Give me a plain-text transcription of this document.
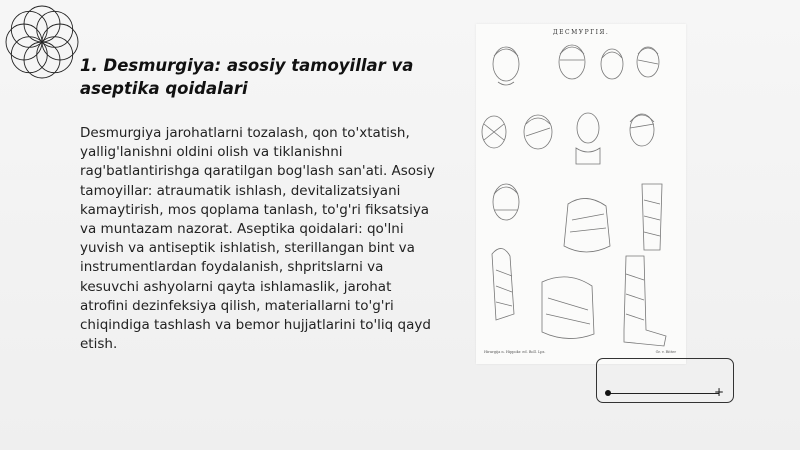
1. Desmurgiya: asosiy tamoyillar va aseptika qoidalari
Desmurgiya jarohatlarni tozalash, qon to'xtatish, yallig'lanishni oldini olish va tiklanishni rag'batlantirishga qaratilgan bog'lash san'ati. Asosiy tamoyillar: atraumatik ishlash, devitalizatsiyani kamaytirish, mos qoplama tanlash, to'g'ri fiksatsiya va muntazam nazorat. Aseptika qoidalari: qo'lni yuvish va antiseptik ishlatish, sterillangan bint va instrumentlardan foydalanish, shpritslarni va kesuvchi ashyolarni qayta ishlamaslik, jarohat atrofini dezinfeksiya qilish, materiallarni to'g'ri chiqindiga tashlash va bemor hujjatlarini to'liq qayd etish.
ДЕСМУРГIЯ.
Hirurgija n. Hippokr. ed. Boll. Lpz.	Gr. v. Ritter
+
